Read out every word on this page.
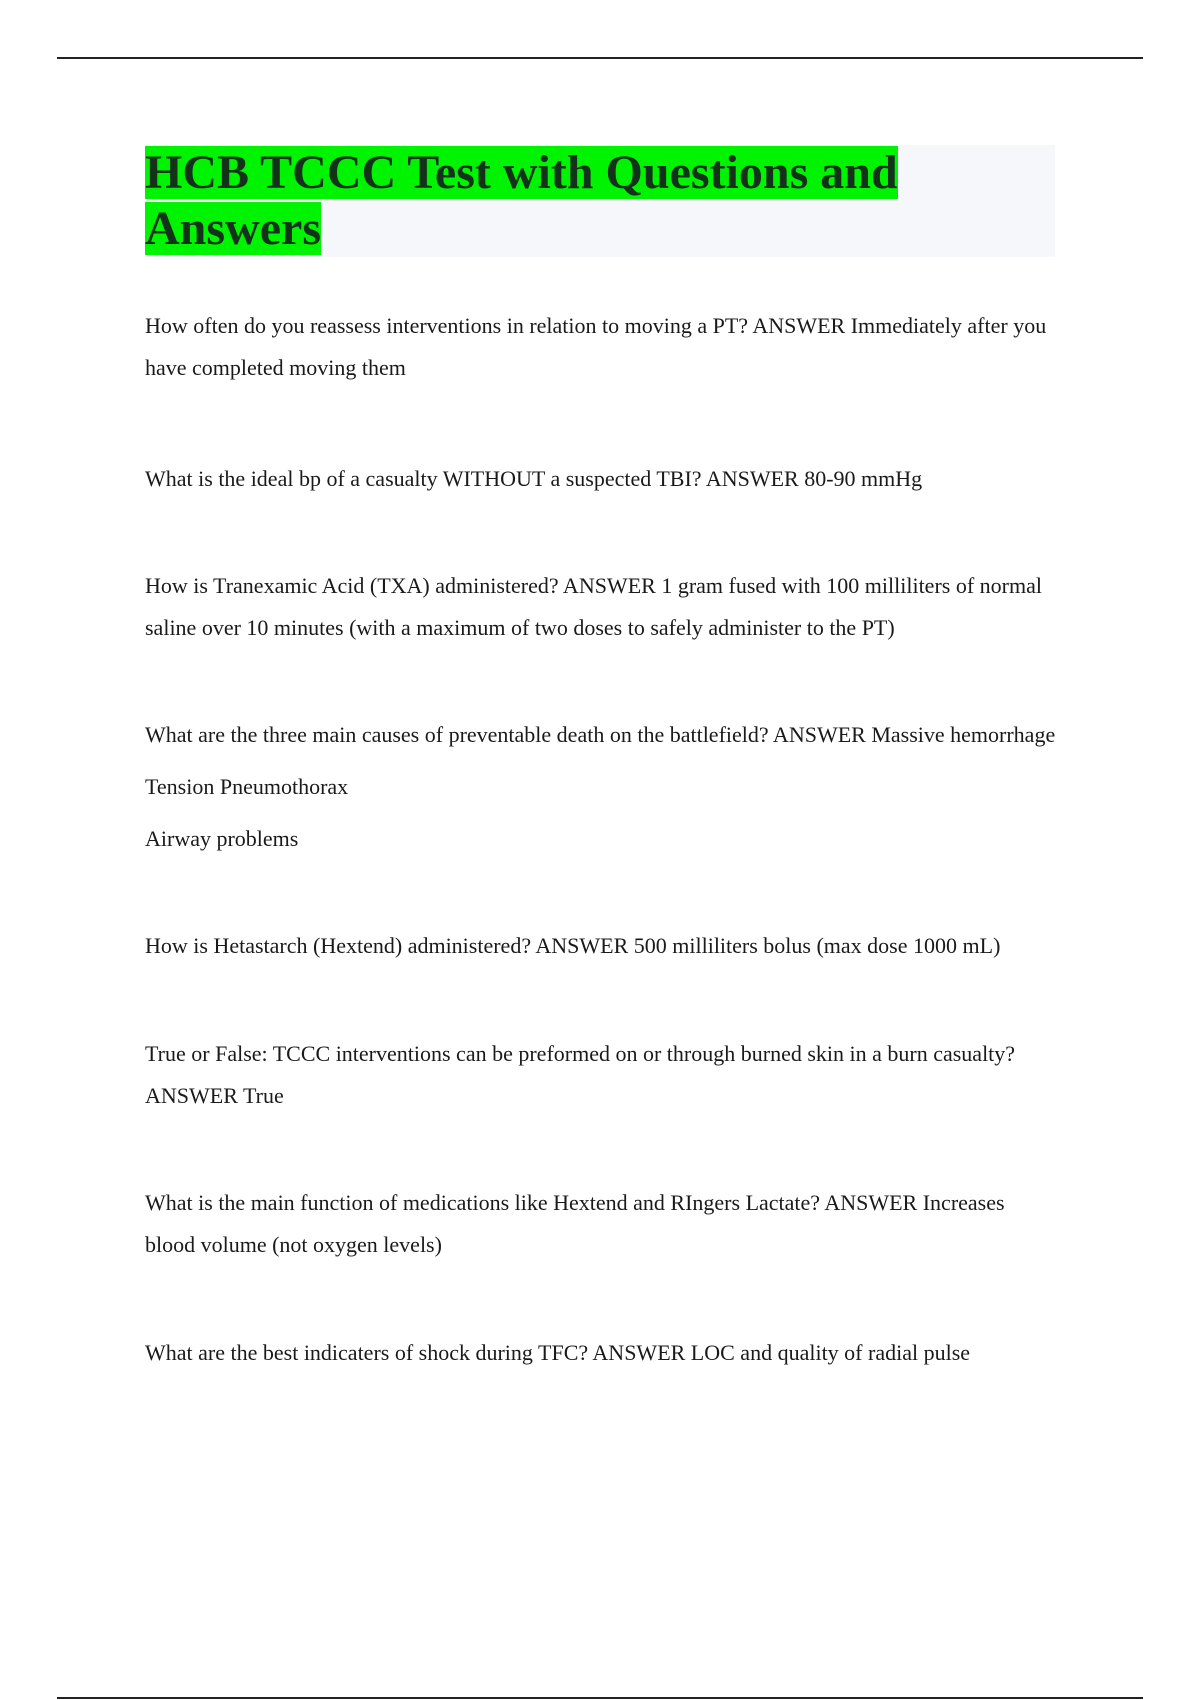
HCB TCCC Test with Questions and Answers

How often do you reassess interventions in relation to moving a PT? ANSWER Immediately after you have completed moving them

What is the ideal bp of a casualty WITHOUT a suspected TBI? ANSWER 80-90 mmHg

How is Tranexamic Acid (TXA) administered? ANSWER 1 gram fused with 100 milliliters of normal saline over 10 minutes (with a maximum of two doses to safely administer to the PT)

What are the three main causes of preventable death on the battlefield? ANSWER Massive hemorrhage

Tension Pneumothorax

Airway problems

How is Hetastarch (Hextend) administered? ANSWER 500 milliliters bolus (max dose 1000 mL)

True or False: TCCC interventions can be preformed on or through burned skin in a burn casualty? ANSWER True

What is the main function of medications like Hextend and RIngers Lactate? ANSWER Increases blood volume (not oxygen levels)

What are the best indicaters of shock during TFC? ANSWER LOC and quality of radial pulse
